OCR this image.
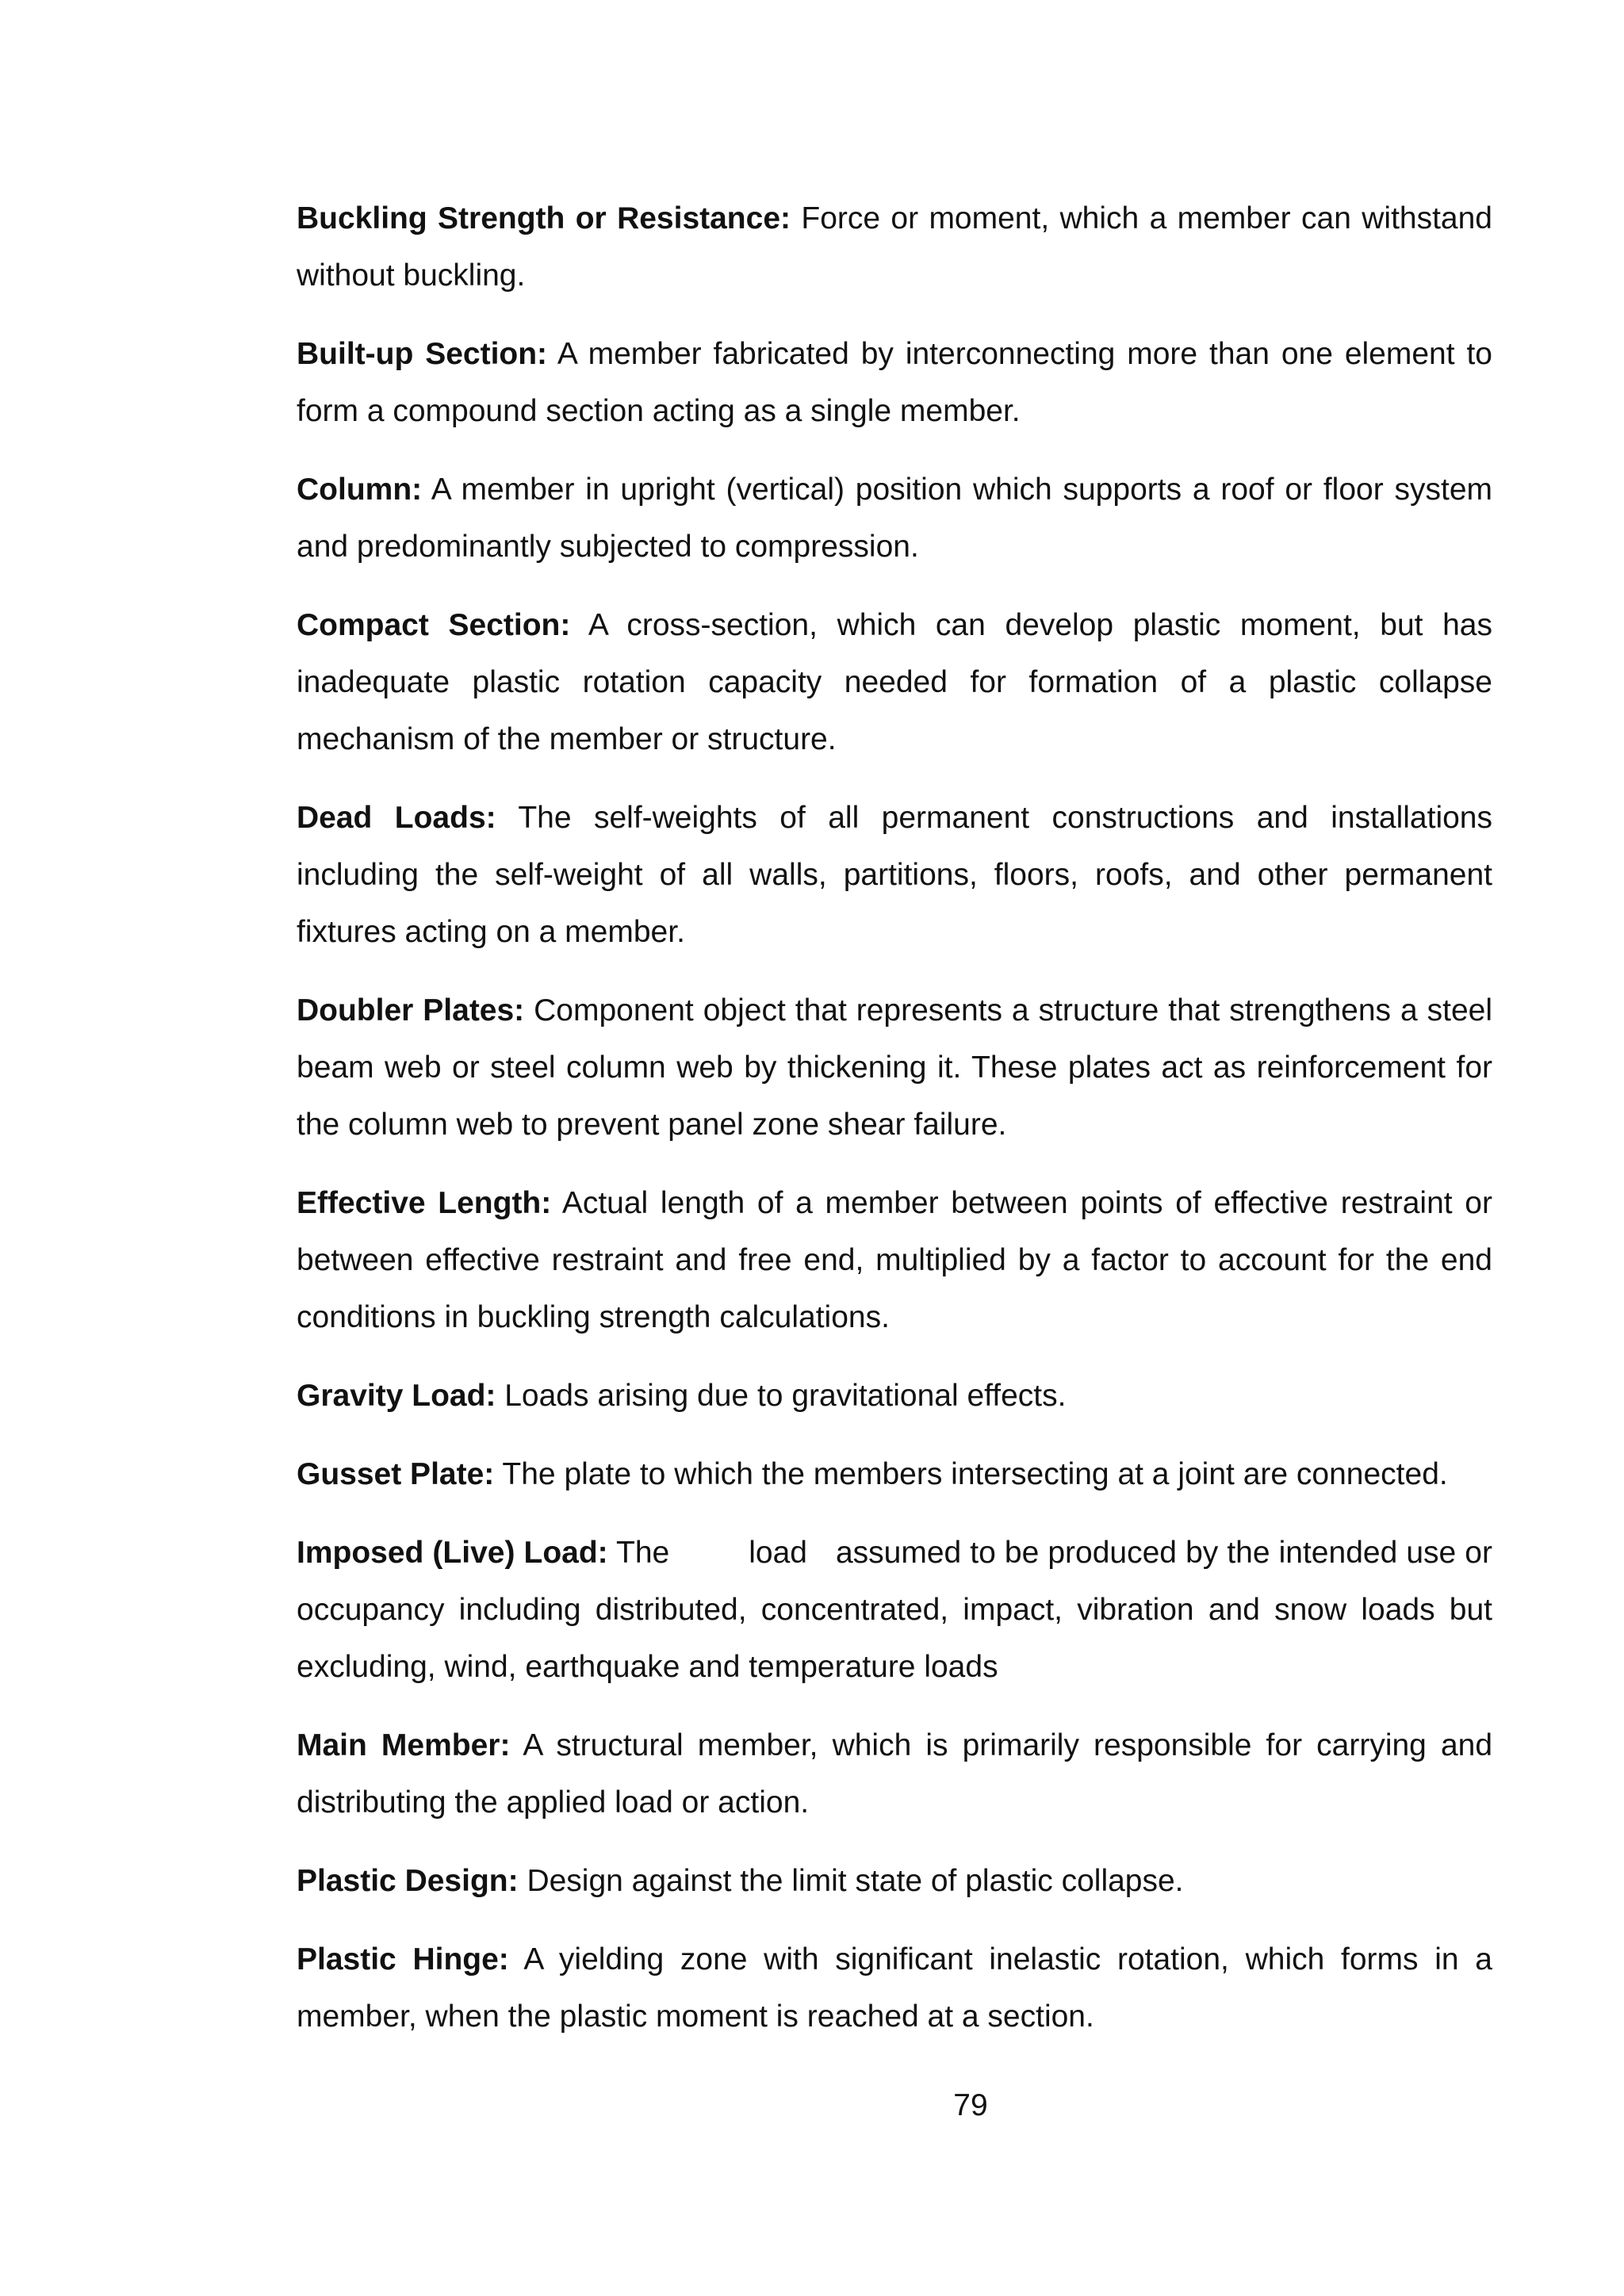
Buckling Strength or Resistance: Force or moment, which a member can withstand without buckling.

Built-up Section: A member fabricated by interconnecting more than one element to form a compound section acting as a single member.

Column: A member in upright (vertical) position which supports a roof or floor system and predominantly subjected to compression.

Compact Section: A cross-section, which can develop plastic moment, but has inadequate plastic rotation capacity needed for formation of a plastic collapse mechanism of the member or structure.

Dead Loads: The self-weights of all permanent constructions and installations including the self-weight of all walls, partitions, floors, roofs, and other permanent fixtures acting on a member.

Doubler Plates: Component object that represents a structure that strengthens a steel beam web or steel column web by thickening it. These plates act as reinforcement for the column web to prevent panel zone shear failure.

Effective Length: Actual length of a member between points of effective restraint or between effective restraint and free end, multiplied by a factor to account for the end conditions in buckling strength calculations.

Gravity Load: Loads arising due to gravitational effects.

Gusset Plate: The plate to which the members intersecting at a joint are connected.

Imposed (Live) Load: The	load assumed to be produced by the intended use or occupancy including distributed, concentrated, impact, vibration and snow loads but excluding, wind, earthquake and temperature loads

Main Member: A structural member, which is primarily responsible for carrying and distributing the applied load or action.

Plastic Design: Design against the limit state of plastic collapse.

Plastic Hinge: A yielding zone with significant inelastic rotation, which forms in a member, when the plastic moment is reached at a section.

79
